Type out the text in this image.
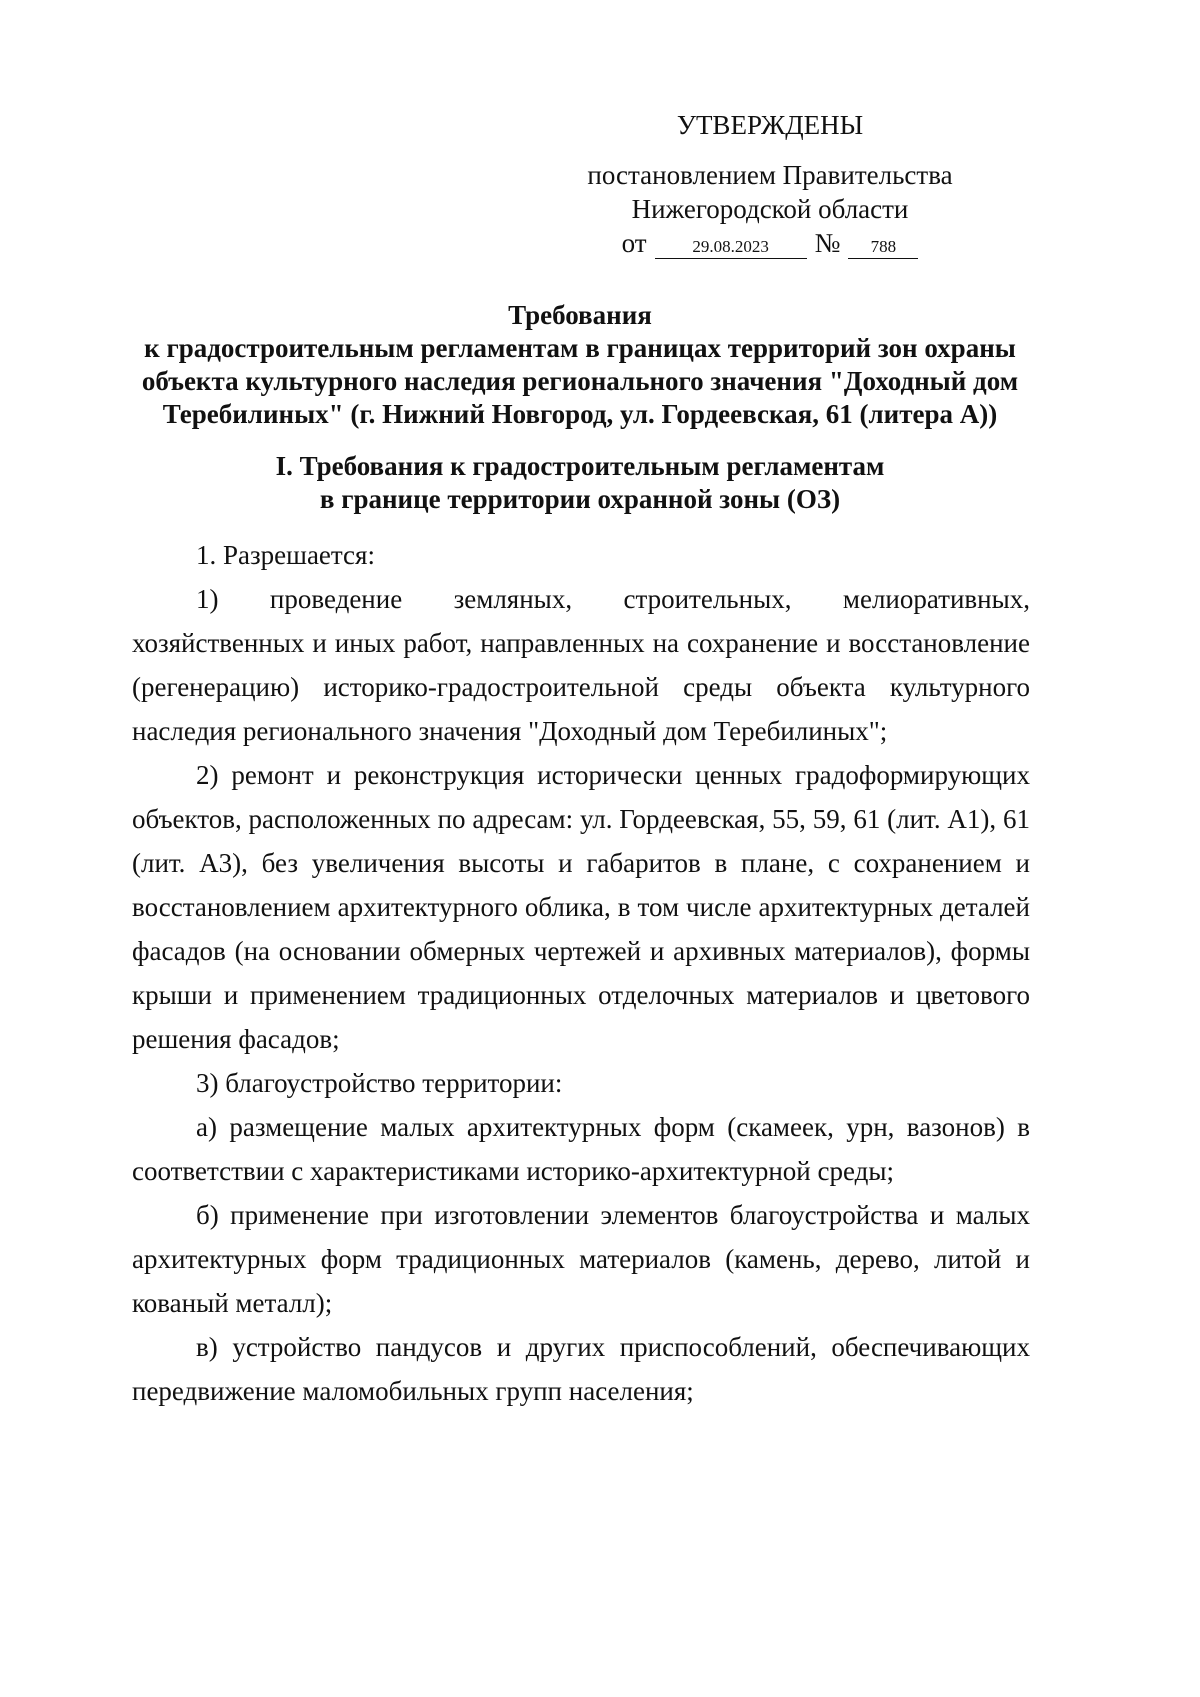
УТВЕРЖДЕНЫ
постановлением Правительства
Нижегородской области
от	29.08.2023	№	788

Требования

к градостроительным регламентам в границах территорий зон охраны

объекта культурного наследия регионального значения "Доходный дом

Теребилиных" (г. Нижний Новгород, ул. Гордеевская, 61 (литера А))

I. Требования к градостроительным регламентам

в границе территории охранной зоны (ОЗ)

1. Разрешается:

1) проведение земляных, строительных, мелиоративных, хозяйственных и иных работ, направленных на сохранение и восстановление (регенерацию) историко-градостроительной среды объекта культурного наследия регионального значения "Доходный дом Теребилиных";

2) ремонт и реконструкция исторически ценных градоформирующих объектов, расположенных по адресам: ул. Гордеевская, 55, 59, 61 (лит. А1), 61 (лит. А3), без увеличения высоты и габаритов в плане, с сохранением и восстановлением архитектурного облика, в том числе архитектурных деталей фасадов (на основании обмерных чертежей и архивных материалов), формы крыши и применением традиционных отделочных материалов и цветового решения фасадов;

3) благоустройство территории:

а) размещение малых архитектурных форм (скамеек, урн, вазонов) в соответствии с характеристиками историко-архитектурной среды;

б) применение при изготовлении элементов благоустройства и малых архитектурных форм традиционных материалов (камень, дерево, литой и кованый металл);

в) устройство пандусов и других приспособлений, обеспечивающих передвижение маломобильных групп населения;
